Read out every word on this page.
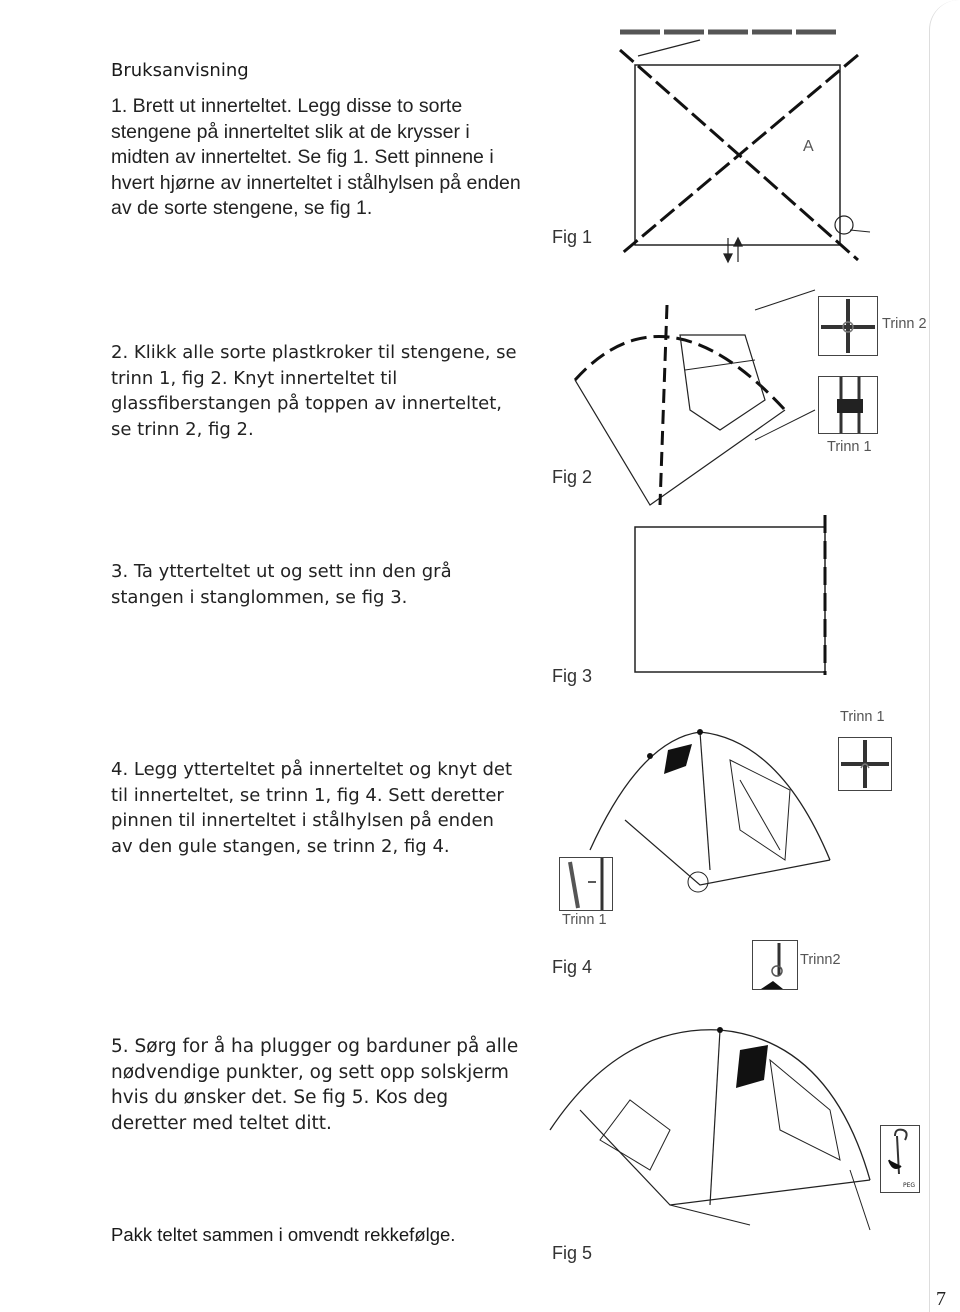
Bruksanvisning
1. Brett ut innerteltet. Legg disse to sorte stengene på innerteltet slik at de krysser i midten av innerteltet. Se fig 1. Sett pinnene i hvert hjørne av innerteltet i stålhylsen på enden av de sorte stengene, se fig 1.
2. Klikk alle sorte plastkroker til stengene, se trinn 1, fig 2. Knyt innerteltet til glassfiberstangen på toppen av innerteltet, se trinn 2, fig 2.
3. Ta ytterteltet ut og sett inn den grå stangen i stanglommen, se fig 3.
4. Legg ytterteltet på innerteltet og knyt det til innerteltet, se trinn 1, fig 4. Sett deretter pinnen til innerteltet i stålhylsen på enden av den gule stangen, se trinn 2, fig 4.
5. Sørg for å ha plugger og barduner på alle nødvendige punkter, og sett opp solskjerm hvis du ønsker det. Se fig 5. Kos deg deretter med teltet ditt.
Pakk teltet sammen i omvendt rekkefølge.
A
Fig 1
Trinn 2
Trinn 1
Fig 2
Fig 3
Trinn 1
Trinn 1
Fig 4	Trinn2
PEG
Fig 5
7
